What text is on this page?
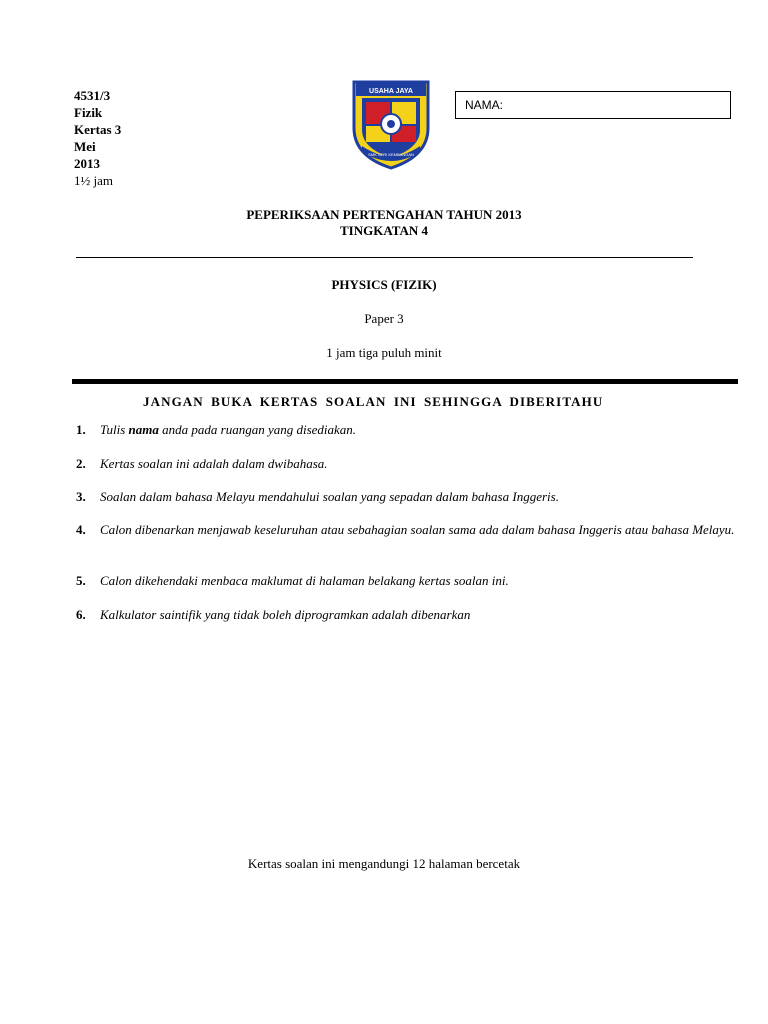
4531/3
Fizik
Kertas 3
Mei
2013
1½ jam
USAHA JAYA
SMK SERI KEMBANGAN
NAMA:
PEPERIKSAAN PERTENGAHAN TAHUN 2013
TINGKATAN 4
PHYSICS (FIZIK)
Paper 3
1 jam tiga puluh minit
JANGAN BUKA KERTAS SOALAN INI SEHINGGA DIBERITAHU
1. Tulis nama anda pada ruangan yang disediakan.
2. Kertas soalan ini adalah dalam dwibahasa.
3. Soalan dalam bahasa Melayu mendahului soalan yang sepadan dalam bahasa Inggeris.
4. Calon dibenarkan menjawab keseluruhan atau sebahagian soalan sama ada dalam bahasa Inggeris atau bahasa Melayu.
5. Calon dikehendaki menbaca maklumat di halaman belakang kertas soalan ini.
6. Kalkulator saintifik yang tidak boleh diprogramkan adalah dibenarkan
Kertas soalan ini mengandungi 12 halaman bercetak
